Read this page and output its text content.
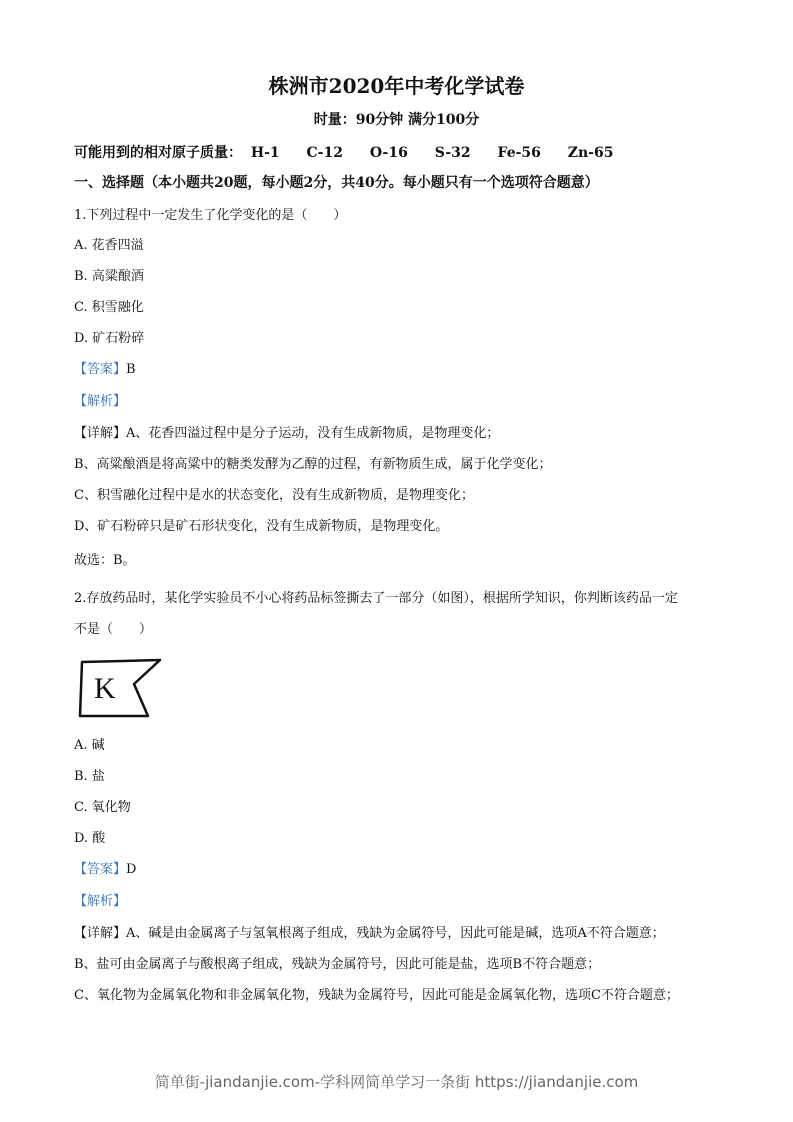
株洲市2020年中考化学试卷
时量：90分钟 满分100分
可能用到的相对原子质量： H-1 C-12 O-16 S-32 Fe-56 Zn-65
一、选择题（本小题共20题，每小题2分，共40分。每小题只有一个选项符合题意）
1.下列过程中一定发生了化学变化的是（　　）
A. 花香四溢
B. 高粱酿酒
C. 积雪融化
D. 矿石粉碎
【答案】B
【解析】
【详解】A、花香四溢过程中是分子运动，没有生成新物质，是物理变化；
B、高粱酿酒是将高粱中的糖类发酵为乙醇的过程，有新物质生成，属于化学变化；
C、积雪融化过程中是水的状态变化，没有生成新物质，是物理变化；
D、矿石粉碎只是矿石形状变化，没有生成新物质，是物理变化。
故选：B。
2.存放药品时，某化学实验员不小心将药品标签撕去了一部分（如图），根据所学知识，你判断该药品一定
不是（　　）
K
A. 碱
B. 盐
C. 氧化物
D. 酸
【答案】D
【解析】
【详解】A、碱是由金属离子与氢氧根离子组成，残缺为金属符号，因此可能是碱，选项A不符合题意；
B、盐可由金属离子与酸根离子组成，残缺为金属符号，因此可能是盐，选项B不符合题意；
C、氧化物为金属氧化物和非金属氧化物，残缺为金属符号，因此可能是金属氧化物，选项C不符合题意；
简单街-jiandanjie.com-学科网简单学习一条街 https://jiandanjie.com
